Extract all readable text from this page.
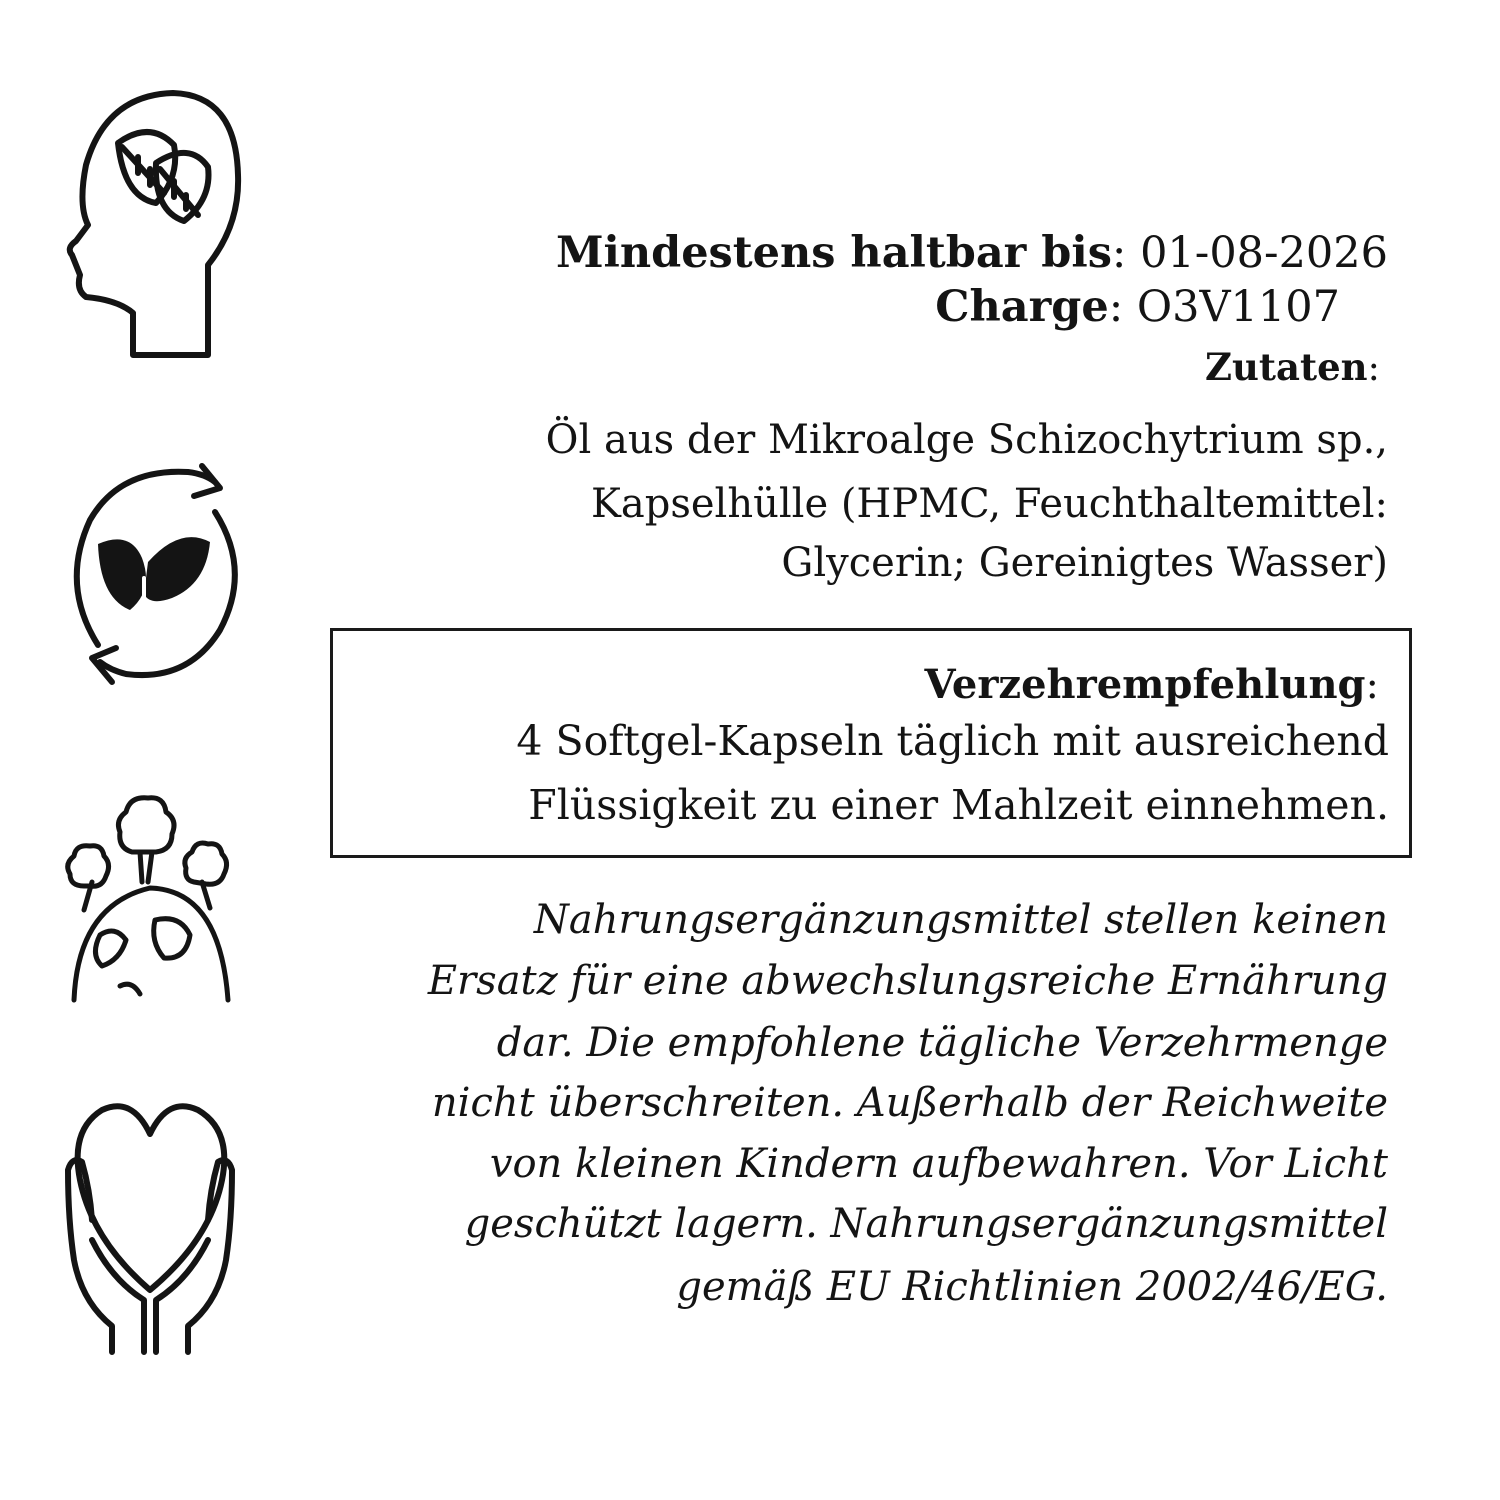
Mindestens haltbar bis: 01-08-2026
Charge: O3V1107
Zutaten:
Öl aus der Mikroalge Schizochytrium sp.,
Kapselhülle (HPMC, Feuchthaltemittel:
Glycerin; Gereinigtes Wasser)
Verzehrempfehlung:
4 Softgel-Kapseln täglich mit ausreichend
Flüssigkeit zu einer Mahlzeit einnehmen.
Nahrungsergänzungsmittel stellen keinen
Ersatz für eine abwechslungsreiche Ernährung
dar. Die empfohlene tägliche Verzehrmenge
nicht überschreiten. Außerhalb der Reichweite
von kleinen Kindern aufbewahren. Vor Licht
geschützt lagern. Nahrungsergänzungsmittel
gemäß EU Richtlinien 2002/46/EG.
